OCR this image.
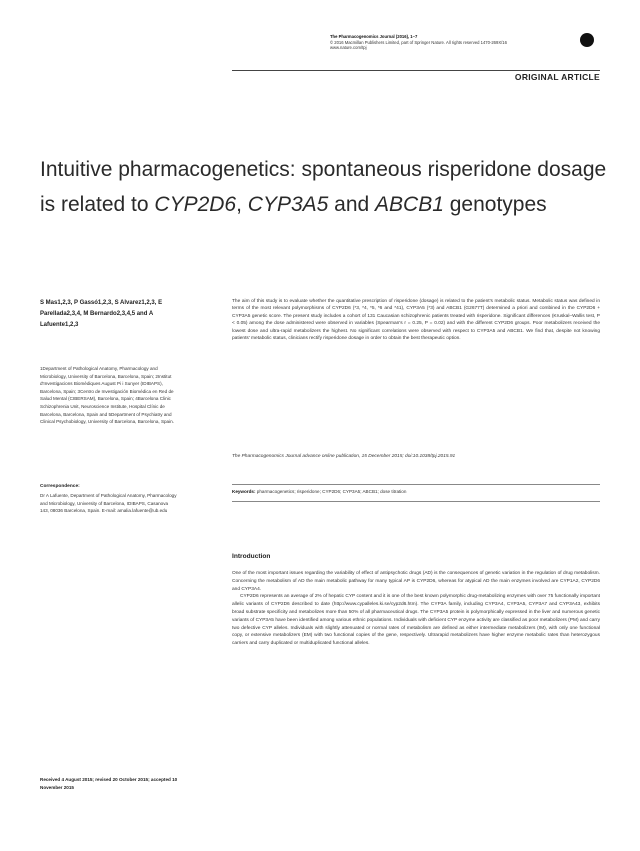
The Pharmacogenomics Journal (2016), 1–7
© 2016 Macmillan Publishers Limited, part of Springer Nature. All rights reserved 1470-269X/16
www.nature.com/tpj
ORIGINAL ARTICLE
Intuitive pharmacogenetics: spontaneous risperidone dosage is related to CYP2D6, CYP3A5 and ABCB1 genotypes
S Mas1,2,3, P Gassó1,2,3, S Alvarez1,2,3, E Parellada2,3,4, M Bernardo2,3,4,5 and A Lafuente1,2,3
1Department of Pathological Anatomy, Pharmacology and Microbiology, University of Barcelona, Barcelona, Spain; 2Institut d'Investigacions Biomèdiques August Pi i Sunyer (IDIBAPS), Barcelona, Spain; 3Centro de Investigación Biomédica en Red de Salud Mental (CIBERSAM), Barcelona, Spain; 4Barcelona Clinic Schizophrenia Unit, Neuroscience Institute, Hospital Clínic de Barcelona, Barcelona, Spain and 5Department of Psychiatry and Clinical Psychobiology, University of Barcelona, Barcelona, Spain.
Correspondence:
Dr A Lafuente, Department of Pathological Anatomy, Pharmacology and Microbiology, University of Barcelona, IDIBAPS, Casanova 143, 08036 Barcelona, Spain. E-mail: amalia.lafuente@ub.edu
Received 4 August 2015; revised 20 October 2015; accepted 10 November 2015
The aim of this study is to evaluate whether the quantitative prescription of risperidone (dosage) is related to the patient's metabolic status. Metabolic status was defined in terms of the most relevant polymorphisms of CYP2D6 (*3, *4, *5, *6 and *41), CYP3A5 (*3) and ABCB1 (G2677T) determined a priori and combined in the CYP2D6 + CYP3A5 genetic score. The present study includes a cohort of 131 Caucasian schizophrenic patients treated with risperidone. Significant differences (Kruskal–Wallis test, P < 0.05) among the dose administered were observed in variables (Spearman's r = 0.25, P = 0.02) and with the different CYP2D6 groups. Poor metabolizers received the lowest dose and ultra-rapid metabolizers the highest. No significant correlations were observed with respect to CYP3A5 and ABCB1. We find that, despite not knowing patients' metabolic status, clinicians rectify risperidone dosage in order to obtain the best therapeutic option.
The Pharmacogenomics Journal advance online publication, 15 December 2015; doi:10.1038/tpj.2015.91
Keywords: pharmacogenetics; risperidone; CYP2D6; CYP3A5; ABCB1; dose titration
Introduction

One of the most important issues regarding the variability of effect of antipsychotic drugs (AD) is the consequences of genetic variation in the regulation of drug metabolism. Concerning the metabolism of AD the main metabolic pathway for many typical AP is CYP2D6, whereas for atypical AD the main enzymes involved are CYP1A2, CYP2D6 and CYP3A4.

CYP2D6 represents an average of 2% of hepatic CYP content and it is one of the best known polymorphic drug-metabolizing enzymes with over 75 functionally important allelic variants of CYP2D6 described to date (http://www.cypalleles.ki.se/cyp2d6.htm). The CYP3A family, including CYP3A4, CYP3A5, CYP3A7 and CYP3A43, exhibits broad substrate specificity and metabolizes more than 50% of all pharmaceutical drugs. The CYP3A5 protein is polymorphically expressed in the liver and numerous genetic variants of CYP3A5 have been identified among various ethnic populations. Individuals with deficient CYP enzyme activity are classified as poor metabolizers (PM) and carry two defective CYP alleles. Individuals with slightly attenuated or normal rates of metabolism are defined as either intermediate metabolizers (IM), with only one functional copy, or extensive metabolizers (EM) with two functional copies of the gene, respectively. Ultrarapid metabolizers have higher enzyme metabolic rates than heterozygous carriers and carry duplicated or multiduplicated functional alleles.
